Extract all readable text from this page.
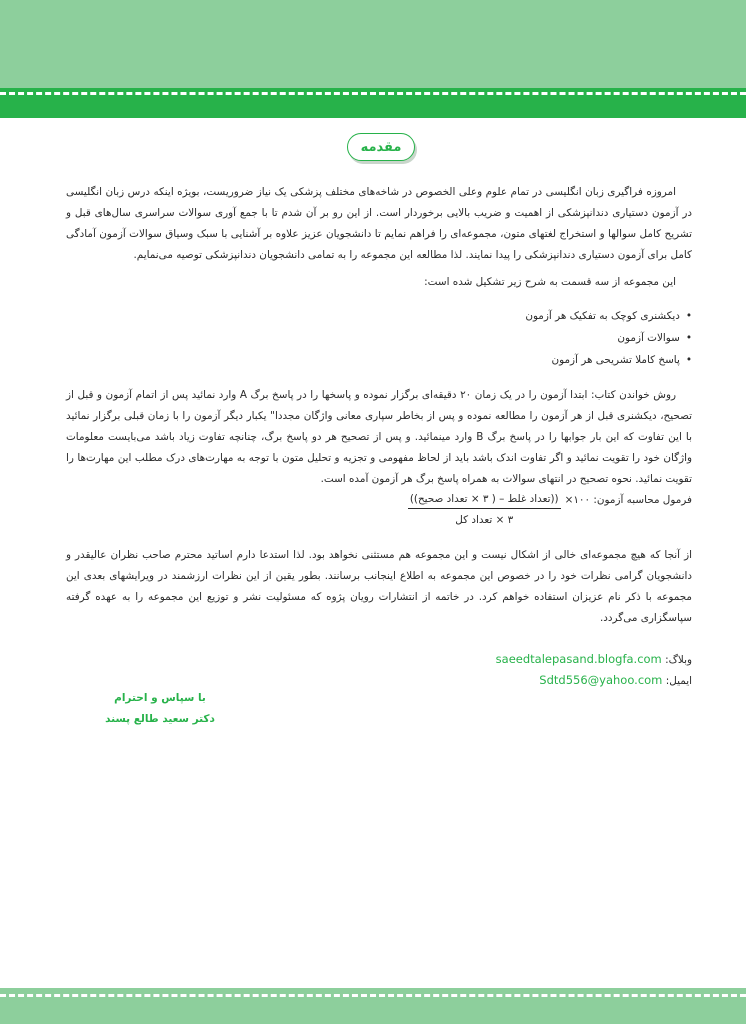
مقدمه

امروزه فراگیری زبان انگلیسی در تمام علوم وعلی الخصوص در شاخه‌های مختلف پزشکی یک نیاز ضروریست، بویژه اینکه درس زبان انگلیسی در آزمون دستیاری دندانپزشکی از اهمیت و ضریب بالایی برخوردار است. از این رو بر آن شدم تا با جمع آوری سوالات سراسری سال‌های قبل و تشریح کامل سوالها و استخراج لغتهای متون، مجموعه‌ای را فراهم نمایم تا دانشجویان عزیز علاوه بر آشنایی با سبک وسیاق سوالات آزمون آمادگی کامل برای آزمون دستیاری دندانپزشکی را پیدا نمایند. لذا مطالعه این مجموعه را به تمامی دانشجویان دندانپزشکی توصیه می‌نمایم.

این مجموعه از سه قسمت به شرح زیر تشکیل شده است:

•دیکشنری کوچک به تفکیک هر آزمون
•سوالات آزمون
•پاسخ کاملا تشریحی هر آزمون

روش خواندن کتاب: ابتدا آزمون را در یک زمان ۲۰ دقیقه‌ای برگزار نموده و پاسخها را در پاسخ برگ A وارد نمائید پس از اتمام آزمون و قبل از تصحیح، دیکشنری قبل از هر آزمون را مطالعه نموده و پس از بخاطر سپاری معانی واژگان مجددا" یکبار دیگر آزمون را با زمان قبلی برگزار نمائید با این تفاوت که این بار جوابها را در پاسخ برگ B وارد مینمائید. و پس از تصحیح هر دو پاسخ برگ، چنانچه تفاوت زیاد باشد می‌بایست معلومات واژگان خود را تقویت نمائید و اگر تفاوت اندک باشد باید از لحاظ مفهومی و تجزیه و تحلیل متون با توجه به مهارت‌های درک مطلب این مهارت‌ها را تقویت نمائید. نحوه تصحیح در انتهای سوالات به همراه پاسخ برگ هر آزمون آمده است.

فرمول محاسبه آزمون: ۱۰۰×
$\frac{\text{((تعداد غلط – ( ۳ × تعداد صحیح))}}{\text{۳ × تعداد کل}}$

از آنجا که هیچ مجموعه‌ای خالی از اشکال نیست و این مجموعه هم مستثنی نخواهد بود. لذا استدعا دارم اساتید محترم صاحب نظران عالیقدر و دانشجویان گرامی نظرات خود را در خصوص این مجموعه به اطلاع اینجانب برسانند. بطور یقین از این نظرات ارزشمند در ویرایشهای بعدی این مجموعه با ذکر نام عزیزان استفاده خواهم کرد. در خاتمه از انتشارات رویان پژوه که مسئولیت نشر و توزیع این مجموعه را به عهده گرفته سپاسگزاری می‌گردد.

وبلاگ: saeedtalepasand.blogfa.com
ایمیل: Sdtd556@yahoo.com
با سپاس و احترام
دکتر سعید طالع پسند
